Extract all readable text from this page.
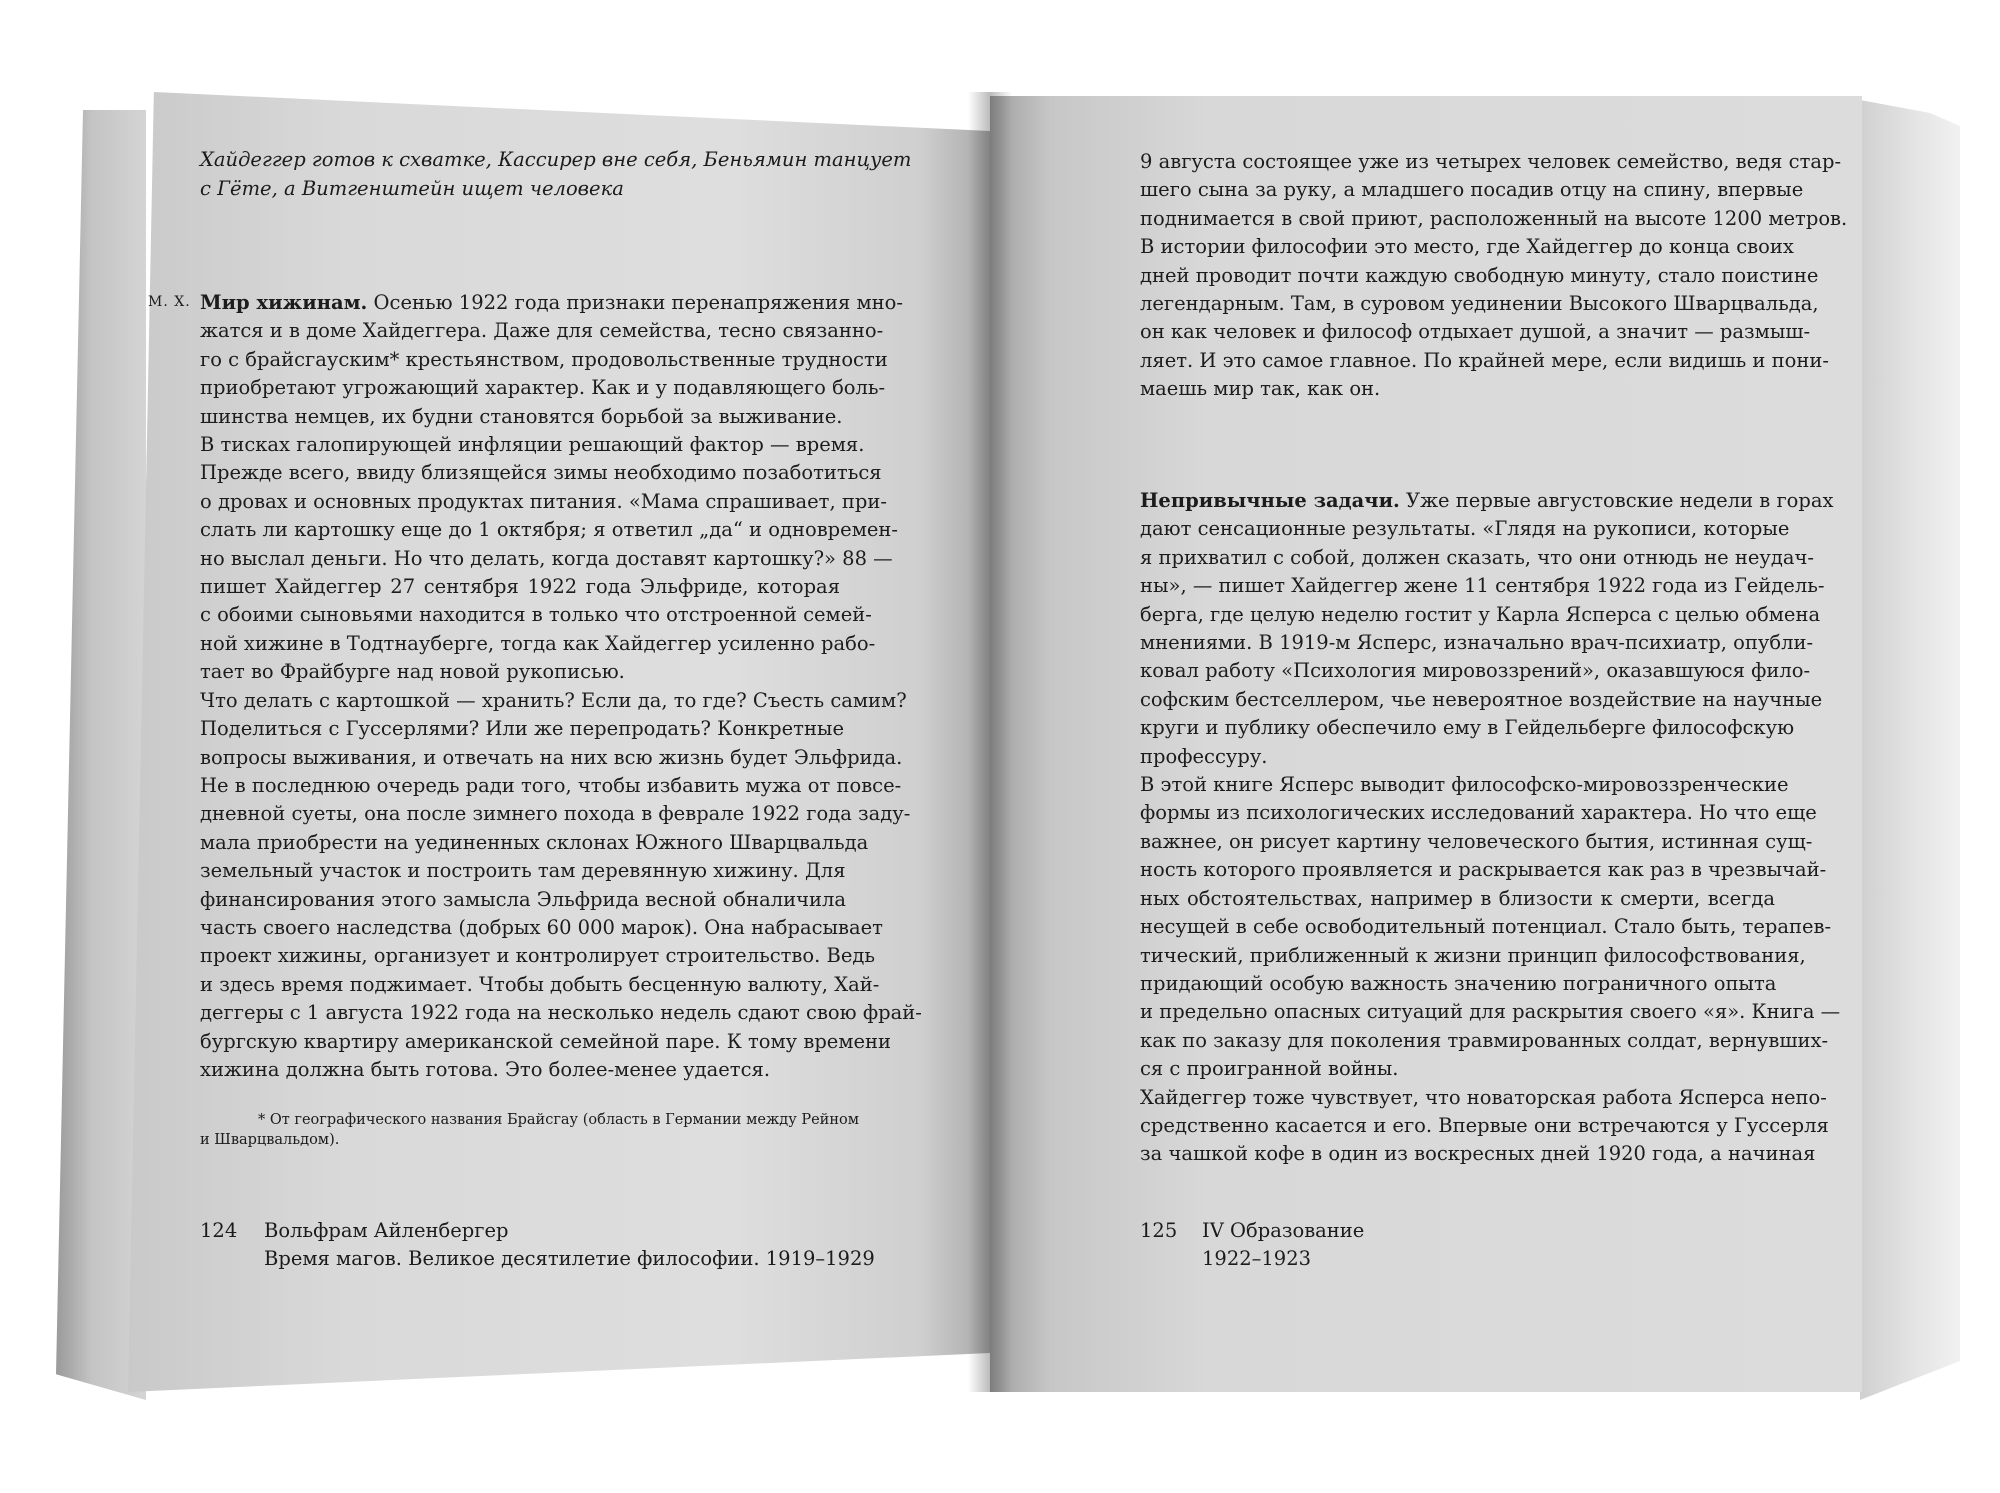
Хайдеггер готов к схватке, Кассирер вне себя, Беньямин танцует
с Гёте, а Витгенштейн ищет человека
М. Х. Мир хижинам. Осенью 1922 года признаки перенапряжения мно-
жатся и в доме Хайдеггера. Даже для семейства, тесно связанно-
го с брайсгауским* крестьянством, продовольственные трудности
приобретают угрожающий характер. Как и у подавляющего боль-
шинства немцев, их будни становятся борьбой за выживание.
В тисках галопирующей инфляции решающий фактор — время.
Прежде всего, ввиду близящейся зимы необходимо позаботиться
о дровах и основных продуктах питания. «Мама спрашивает, при-
слать ли картошку еще до 1 октября; я ответил „да“ и одновремен-
но выслал деньги. Но что делать, когда доставят картошку?» 88 —
пишет Хайдеггер 27 сентября 1922 года Эльфриде, которая
с обоими сыновьями находится в только что отстроенной семей-
ной хижине в Тодтнауберге, тогда как Хайдеггер усиленно рабо-
тает во Фрайбурге над новой рукописью.
Что делать с картошкой — хранить? Если да, то где? Съесть самим?
Поделиться с Гуссерлями? Или же перепродать? Конкретные
вопросы выживания, и отвечать на них всю жизнь будет Эльфрида.
Не в последнюю очередь ради того, чтобы избавить мужа от повсе-
дневной суеты, она после зимнего похода в феврале 1922 года заду-
мала приобрести на уединенных склонах Южного Шварцвальда
земельный участок и построить там деревянную хижину. Для
финансирования этого замысла Эльфрида весной обналичила
часть своего наследства (добрых 60 000 марок). Она набрасывает
проект хижины, организует и контролирует строительство. Ведь
и здесь время поджимает. Чтобы добыть бесценную валюту, Хай-
деггеры с 1 августа 1922 года на несколько недель сдают свою фрай-
бургскую квартиру американской семейной паре. К тому времени
хижина должна быть готова. Это более-менее удается.
* От географического названия Брайсгау (область в Германии между Рейном
и Шварцвальдом).
124 Вольфрам Айленбергер
Время магов. Великое десятилетие философии. 1919–1929
9 августа состоящее уже из четырех человек семейство, ведя стар-
шего сына за руку, а младшего посадив отцу на спину, впервые
поднимается в свой приют, расположенный на высоте 1200 метров.
В истории философии это место, где Хайдеггер до конца своих
дней проводит почти каждую свободную минуту, стало поистине
легендарным. Там, в суровом уединении Высокого Шварцвальда,
он как человек и философ отдыхает душой, а значит — размыш-
ляет. И это самое главное. По крайней мере, если видишь и пони-
маешь мир так, как он.
Непривычные задачи. Уже первые августовские недели в горах
дают сенсационные результаты. «Глядя на рукописи, которые
я прихватил с собой, должен сказать, что они отнюдь не неудач-
ны», — пишет Хайдеггер жене 11 сентября 1922 года из Гейдель-
берга, где целую неделю гостит у Карла Ясперса с целью обмена
мнениями. В 1919-м Ясперс, изначально врач-психиатр, опубли-
ковал работу «Психология мировоззрений», оказавшуюся фило-
софским бестселлером, чье невероятное воздействие на научные
круги и публику обеспечило ему в Гейдельберге философскую
профессуру.
В этой книге Ясперс выводит философско-мировоззренческие
формы из психологических исследований характера. Но что еще
важнее, он рисует картину человеческого бытия, истинная сущ-
ность которого проявляется и раскрывается как раз в чрезвычай-
ных обстоятельствах, например в близости к смерти, всегда
несущей в себе освободительный потенциал. Стало быть, терапев-
тический, приближенный к жизни принцип философствования,
придающий особую важность значению пограничного опыта
и предельно опасных ситуаций для раскрытия своего «я». Книга —
как по заказу для поколения травмированных солдат, вернувших-
ся с проигранной войны.
Хайдеггер тоже чувствует, что новаторская работа Ясперса непо-
средственно касается и его. Впервые они встречаются у Гуссерля
за чашкой кофе в один из воскресных дней 1920 года, а начиная
125 IV Образование
1922–1923
